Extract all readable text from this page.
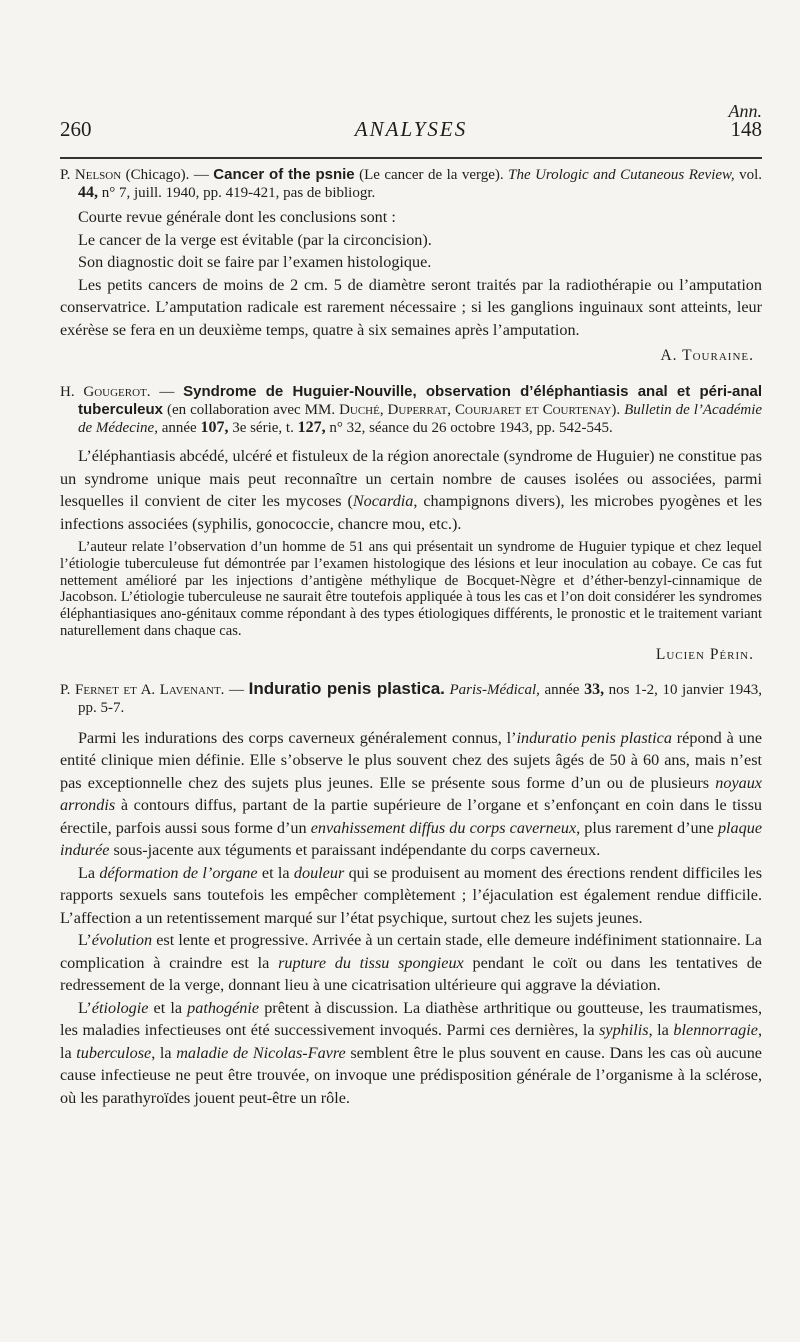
Ann.
260	ANALYSES	148

P. Nelson (Chicago). — Cancer of the psnie (Le cancer de la verge). The Urologic and Cutaneous Review, vol. 44, n° 7, juill. 1940, pp. 419-421, pas de bibliogr.

Courte revue générale dont les conclusions sont :

Le cancer de la verge est évitable (par la circoncision).

Son diagnostic doit se faire par l’examen histologique.

Les petits cancers de moins de 2 cm. 5 de diamètre seront traités par la radiothérapie ou l’amputation conservatrice. L’amputation radicale est rarement nécessaire ; si les ganglions inguinaux sont atteints, leur exérèse se fera en un deuxième temps, quatre à six semaines après l’amputation.

A. Touraine.

H. Gougerot. — Syndrome de Huguier-Nouville, observation d’éléphantiasis anal et péri-anal tuberculeux (en collaboration avec MM. Duché, Duperrat, Courjaret et Courtenay). Bulletin de l’Académie de Médecine, année 107, 3e série, t. 127, n° 32, séance du 26 octobre 1943, pp. 542-545.

L’éléphantiasis abcédé, ulcéré et fistuleux de la région anorectale (syndrome de Huguier) ne constitue pas un syndrome unique mais peut reconnaître un certain nombre de causes isolées ou associées, parmi lesquelles il convient de citer les mycoses (Nocardia, champignons divers), les microbes pyogènes et les infections associées (syphilis, gonococcie, chancre mou, etc.).

L’auteur relate l’observation d’un homme de 51 ans qui présentait un syndrome de Huguier typique et chez lequel l’étiologie tuberculeuse fut démontrée par l’examen histologique des lésions et leur inoculation au cobaye. Ce cas fut nettement amélioré par les injections d’antigène méthylique de Bocquet-Nègre et d’éther-benzyl-cinnamique de Jacobson. L’étiologie tuberculeuse ne saurait être toutefois appliquée à tous les cas et l’on doit considérer les syndromes éléphantiasiques ano-génitaux comme répondant à des types étiologiques différents, le pronostic et le traitement variant naturellement dans chaque cas.

Lucien Périn.

P. Fernet et A. Lavenant. — Induratio penis plastica. Paris-Médical, année 33, nos 1-2, 10 janvier 1943, pp. 5-7.

Parmi les indurations des corps caverneux généralement connus, l’induratio penis plastica répond à une entité clinique mien définie. Elle s’observe le plus souvent chez des sujets âgés de 50 à 60 ans, mais n’est pas exceptionnelle chez des sujets plus jeunes. Elle se présente sous forme d’un ou de plusieurs noyaux arrondis à contours diffus, partant de la partie supérieure de l’organe et s’enfonçant en coin dans le tissu érectile, parfois aussi sous forme d’un envahissement diffus du corps caverneux, plus rarement d’une plaque indurée sous-jacente aux téguments et paraissant indépendante du corps caverneux.

La déformation de l’organe et la douleur qui se produisent au moment des érections rendent difficiles les rapports sexuels sans toutefois les empêcher complètement ; l’éjaculation est également rendue difficile. L’affection a un retentissement marqué sur l’état psychique, surtout chez les sujets jeunes.

L’évolution est lente et progressive. Arrivée à un certain stade, elle demeure indéfiniment stationnaire. La complication à craindre est la rupture du tissu spongieux pendant le coït ou dans les tentatives de redressement de la verge, donnant lieu à une cicatrisation ultérieure qui aggrave la déviation.

L’étiologie et la pathogénie prêtent à discussion. La diathèse arthritique ou goutteuse, les traumatismes, les maladies infectieuses ont été successivement invoqués. Parmi ces dernières, la syphilis, la blennorragie, la tuberculose, la maladie de Nicolas-Favre semblent être le plus souvent en cause. Dans les cas où aucune cause infectieuse ne peut être trouvée, on invoque une prédisposition générale de l’organisme à la sclérose, où les parathyroïdes jouent peut-être un rôle.
